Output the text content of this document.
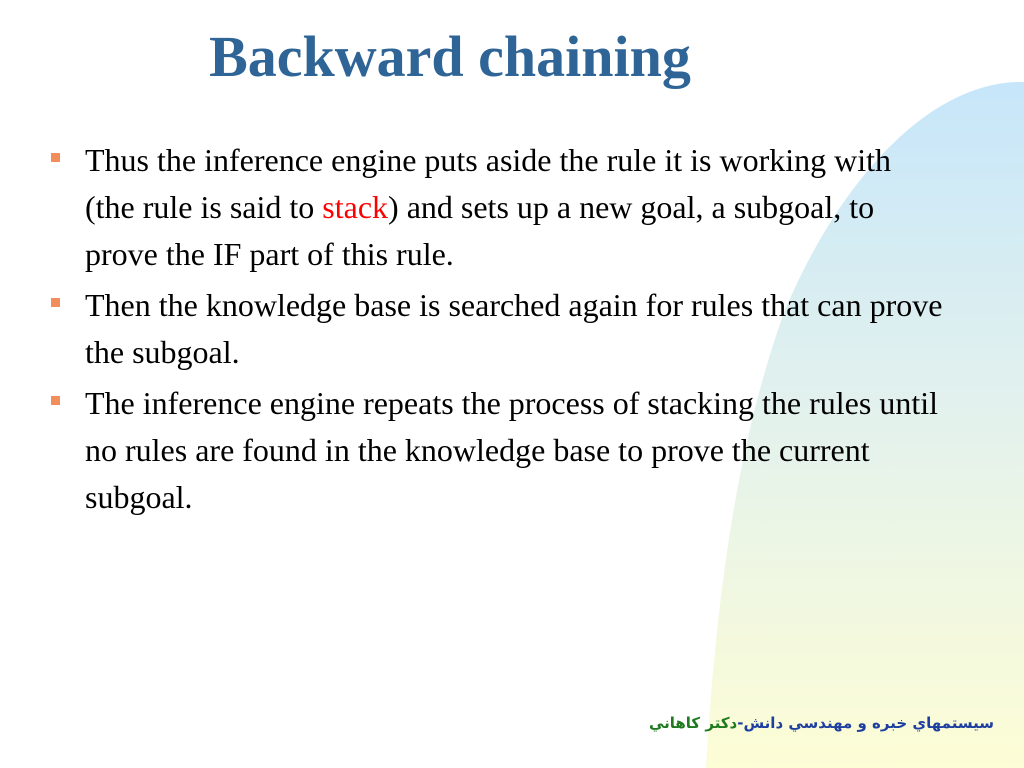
Backward chaining
Thus the inference engine puts aside the rule it is working with (the rule is said to stack) and sets up a new goal, a subgoal, to prove the IF part of this rule.
Then the knowledge base is searched again for rules that can prove the subgoal.
The inference engine repeats the process of stacking the rules until no rules are found in the knowledge base to prove the current subgoal.
سيستمهاي خبره و مهندسي دانش-دكتر كاهاني
